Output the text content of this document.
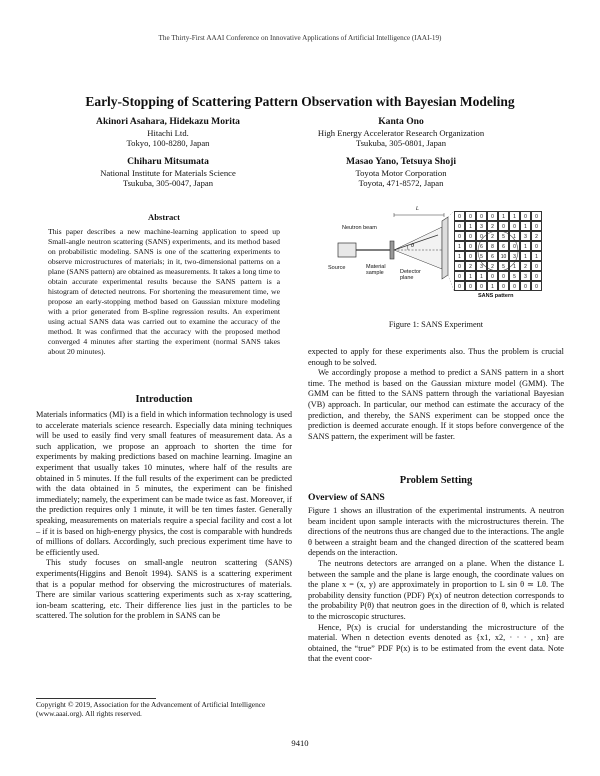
The Thirty-First AAAI Conference on Innovative Applications of Artificial Intelligence (IAAI-19)
Early-Stopping of Scattering Pattern Observation with Bayesian Modeling
Akinori Asahara, Hidekazu Morita
Hitachi Ltd.
Tokyo, 100-8280, Japan
Kanta Ono
High Energy Accelerator Research Organization
Tsukuba, 305-0801, Japan
Chiharu Mitsumata
National Institute for Materials Science
Tsukuba, 305-0047, Japan
Masao Yano, Tetsuya Shoji
Toyota Motor Corporation
Toyota, 471-8572, Japan
Abstract

This paper describes a new machine-learning application to speed up Small-angle neutron scattering (SANS) experiments, and its method based on probabilistic modeling. SANS is one of the scattering experiments to observe microstructures of materials; in it, two-dimensional patterns on a plane (SANS pattern) are obtained as measurements. It takes a long time to obtain accurate experimental results because the SANS pattern is a histogram of detected neutrons. For shortening the measurement time, we propose an early-stopping method based on Gaussian mixture modeling with a prior generated from B-spline regression results. An experiment using actual SANS data was carried out to examine the accuracy of the method. It was confirmed that the accuracy with the proposed method converged 4 minutes after starting the experiment (normal SANS takes about 20 minutes).

Introduction

Materials informatics (MI) is a field in which information technology is used to accelerate materials science research. Especially data mining techniques will be used to easily find very small features of measurement data. As a such application, we propose an approach to shorten the time for experiments by making predictions based on machine learning. Imagine an experiment that usually takes 10 minutes, where half of the results are obtained in 5 minutes. If the full results of the experiment can be predicted with the data obtained in 5 minutes, the experiment can be finished immediately; namely, the experiment can be made twice as fast. Moreover, if the prediction requires only 1 minute, it will be ten times faster. Generally speaking, measurements on materials require a special facility and cost a lot – if it is based on high-energy physics, the cost is comparable with hundreds of millions of dollars. Accordingly, such precious experiment time have to be efficiently used.

This study focuses on small-angle neutron scattering (SANS) experiments(Higgins and Benoît 1994). SANS is a scattering experiment that is a popular method for observing the microstructures of materials. There are similar various scattering experiments such as x-ray scattering, ion-beam scattering, etc. Their difference lies just in the particles to be scattered. The solution for the problem in SANS can be

Copyright © 2019, Association for the Advancement of Artificial Intelligence (www.aaai.org). All rights reserved.
Neutron beam
Source	Material sample	Detector plane
L
θ
0	0	0	0	1	1	0	0
0	1	3	2	0	0	1	0
0	0	0	2	5	1	3	2
1	0	6	8	6	0	1	0
1	0	5	6	10	3	1	1
0	2	3	2	5	1	2	0
0	1	1	0	0	5	3	0
0	0	0	1	0	0	0	0
SANS pattern
Figure 1: SANS Experiment

expected to apply for these experiments also. Thus the problem is crucial enough to be solved.

We accordingly propose a method to predict a SANS pattern in a short time. The method is based on the Gaussian mixture model (GMM). The GMM can be fitted to the SANS pattern through the variational Bayesian (VB) approach. In particular, our method can estimate the accuracy of the prediction, and thereby, the SANS experiment can be stopped once the prediction is deemed accurate enough. If it stops before convergence of the SANS pattern, the experiment will be faster.

Problem Setting
Overview of SANS

Figure 1 shows an illustration of the experimental instruments. A neutron beam incident upon sample interacts with the microstructures therein. The directions of the neutrons thus are changed due to the interactions. The angle θ between a straight beam and the changed direction of the scattered beam depends on the interaction.

The neutrons detectors are arranged on a plane. When the distance L between the sample and the plane is large enough, the coordinate values on the plane x = (x, y) are approximately in proportion to L sin θ ≃ Lθ. The probability density function (PDF) P(x) of neutron detection corresponds to the probability P(θ) that neutron goes in the direction of θ, which is related to the microscopic structures.

Hence, P(x) is crucial for understanding the microstructure of the material. When n detection events denoted as {x1, x2, · · · , xn} are obtained, the “true” PDF P(x) is to be estimated from the event data. Note that the event coor-

9410
